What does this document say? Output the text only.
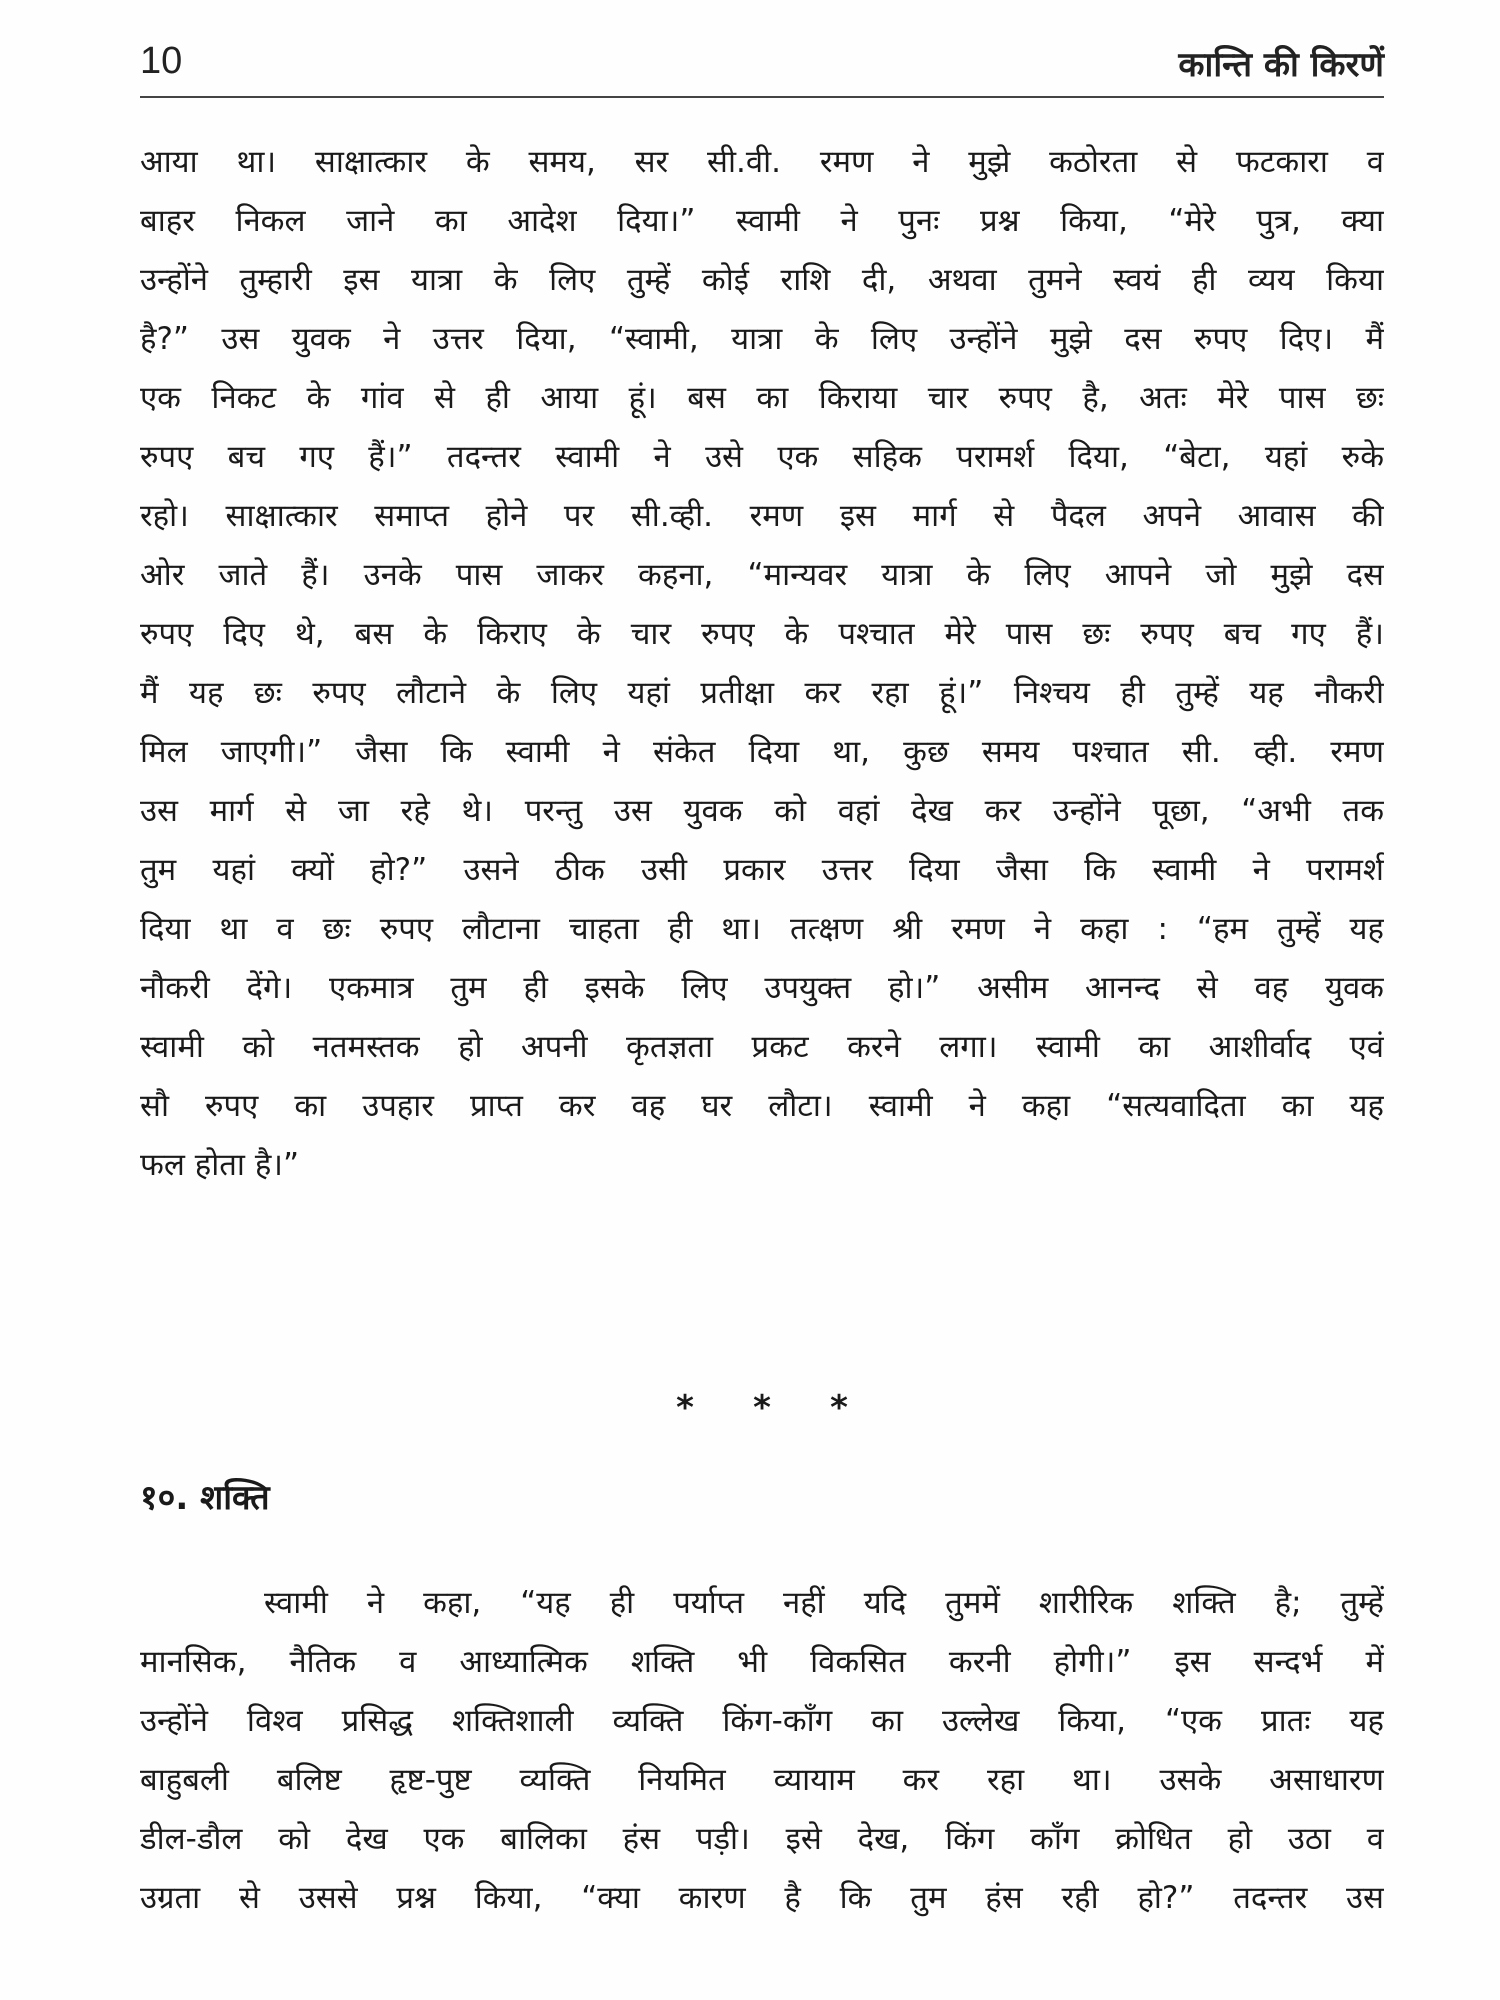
10	कान्ति की किरणें
आया था। साक्षात्कार के समय, सर सी.वी. रमण ने मुझे कठोरता से फटकारा व
बाहर निकल जाने का आदेश दिया।” स्वामी ने पुनः प्रश्न किया, “मेरे पुत्र, क्या
उन्होंने तुम्हारी इस यात्रा के लिए तुम्हें कोई राशि दी, अथवा तुमने स्वयं ही व्यय किया
है?” उस युवक ने उत्तर दिया, “स्वामी, यात्रा के लिए उन्होंने मुझे दस रुपए दिए। मैं
एक निकट के गांव से ही आया हूं। बस का किराया चार रुपए है, अतः मेरे पास छः
रुपए बच गए हैं।” तदन्तर स्वामी ने उसे एक सहिक परामर्श दिया, “बेटा, यहां रुके
रहो। साक्षात्कार समाप्त होने पर सी.व्ही. रमण इस मार्ग से पैदल अपने आवास की
ओर जाते हैं। उनके पास जाकर कहना, “मान्यवर यात्रा के लिए आपने जो मुझे दस
रुपए दिए थे, बस के किराए के चार रुपए के पश्चात मेरे पास छः रुपए बच गए हैं।
मैं यह छः रुपए लौटाने के लिए यहां प्रतीक्षा कर रहा हूं।” निश्चय ही तुम्हें यह नौकरी
मिल जाएगी।” जैसा कि स्वामी ने संकेत दिया था, कुछ समय पश्चात सी. व्ही. रमण
उस मार्ग से जा रहे थे। परन्तु उस युवक को वहां देख कर उन्होंने पूछा, “अभी तक
तुम यहां क्यों हो?” उसने ठीक उसी प्रकार उत्तर दिया जैसा कि स्वामी ने परामर्श
दिया था व छः रुपए लौटाना चाहता ही था। तत्क्षण श्री रमण ने कहा : “हम तुम्हें यह
नौकरी देंगे। एकमात्र तुम ही इसके लिए उपयुक्त हो।” असीम आनन्द से वह युवक
स्वामी को नतमस्तक हो अपनी कृतज्ञता प्रकट करने लगा। स्वामी का आशीर्वाद एवं
सौ रुपए का उपहार प्राप्त कर वह घर लौटा। स्वामी ने कहा “सत्यवादिता का यह
फल होता है।”
*     *     *
१०. शक्ति
स्वामी ने कहा, “यह ही पर्याप्त नहीं यदि तुममें शारीरिक शक्ति है; तुम्हें
मानसिक, नैतिक व आध्यात्मिक शक्ति भी विकसित करनी होगी।” इस सन्दर्भ में
उन्होंने विश्व प्रसिद्ध शक्तिशाली व्यक्ति किंग-काँग का उल्लेख किया, “एक प्रातः यह
बाहुबली बलिष्ट हृष्ट-पुष्ट व्यक्ति नियमित व्यायाम कर रहा था। उसके असाधारण
डील-डौल को देख एक बालिका हंस पड़ी। इसे देख, किंग काँग क्रोधित हो उठा व
उग्रता से उससे प्रश्न किया, “क्या कारण है कि तुम हंस रही हो?” तदन्तर उस
